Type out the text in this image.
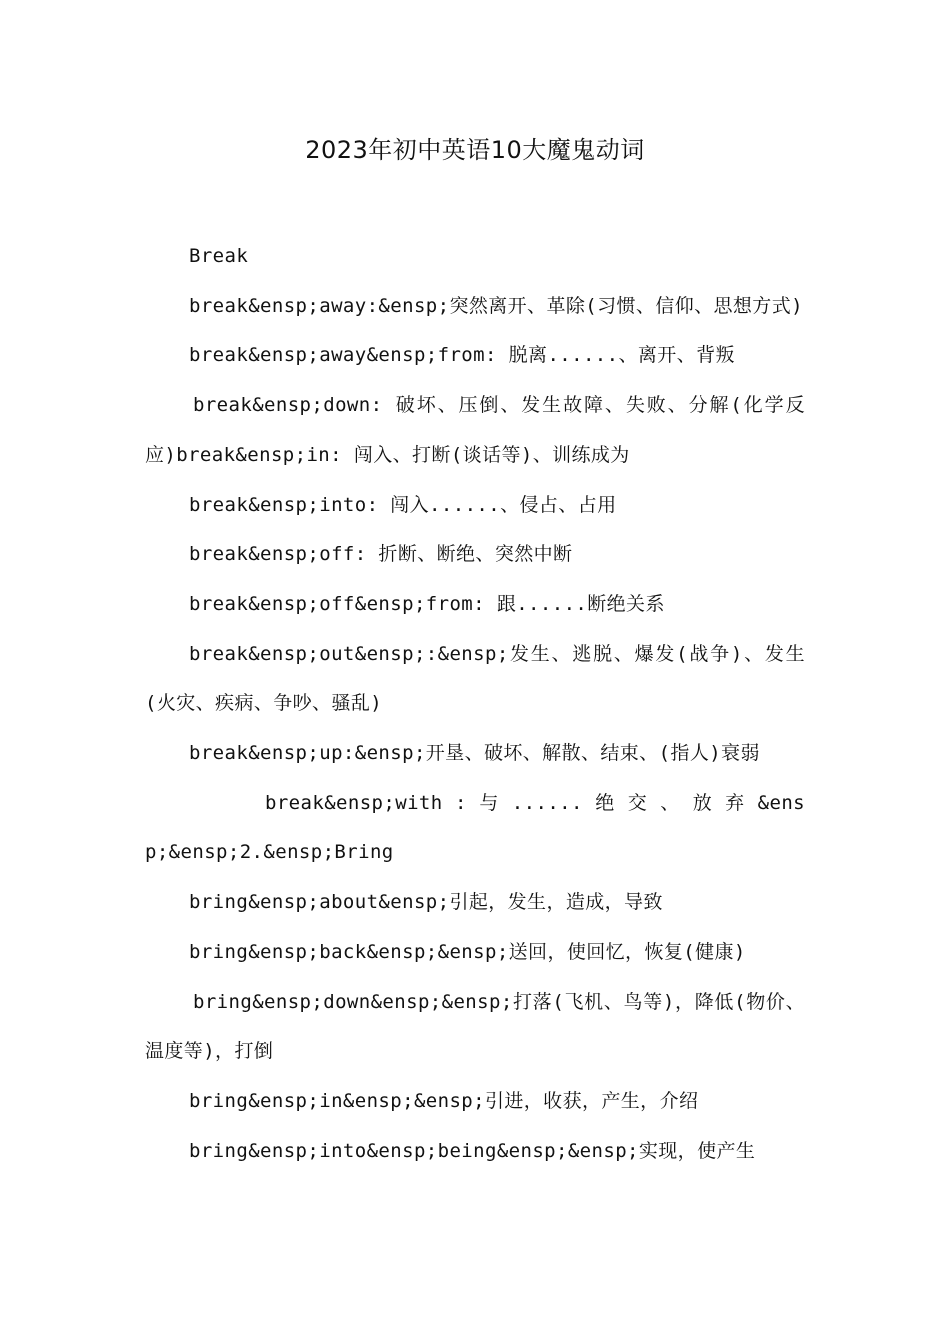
2023年初中英语10大魔鬼动词

Break

break&ensp;away:&ensp;突然离开、革除(习惯、信仰、思想方式)

break&ensp;away&ensp;from: 脱离......、离开、背叛

break&ensp;down: 破坏、压倒、发生故障、失败、分解(化学反应)break&ensp;in: 闯入、打断(谈话等)、训练成为

break&ensp;into: 闯入......、侵占、占用

break&ensp;off: 折断、断绝、突然中断

break&ensp;off&ensp;from: 跟......断绝关系

break&ensp;out&ensp;:&ensp;发生、逃脱、爆发(战争)、发生(火灾、疾病、争吵、骚乱)

break&ensp;up:&ensp;开垦、破坏、解散、结束、(指人)衰弱

break&ensp;with : 与 ...... 绝 交 、 放 弃 &ensp;&ensp;2.&ensp;Bring

bring&ensp;about&ensp;引起，发生，造成，导致

bring&ensp;back&ensp;&ensp;送回，使回忆，恢复(健康)

bring&ensp;down&ensp;&ensp;打落(飞机、鸟等)，降低(物价、温度等)，打倒

bring&ensp;in&ensp;&ensp;引进，收获，产生，介绍

bring&ensp;into&ensp;being&ensp;&ensp;实现，使产生
